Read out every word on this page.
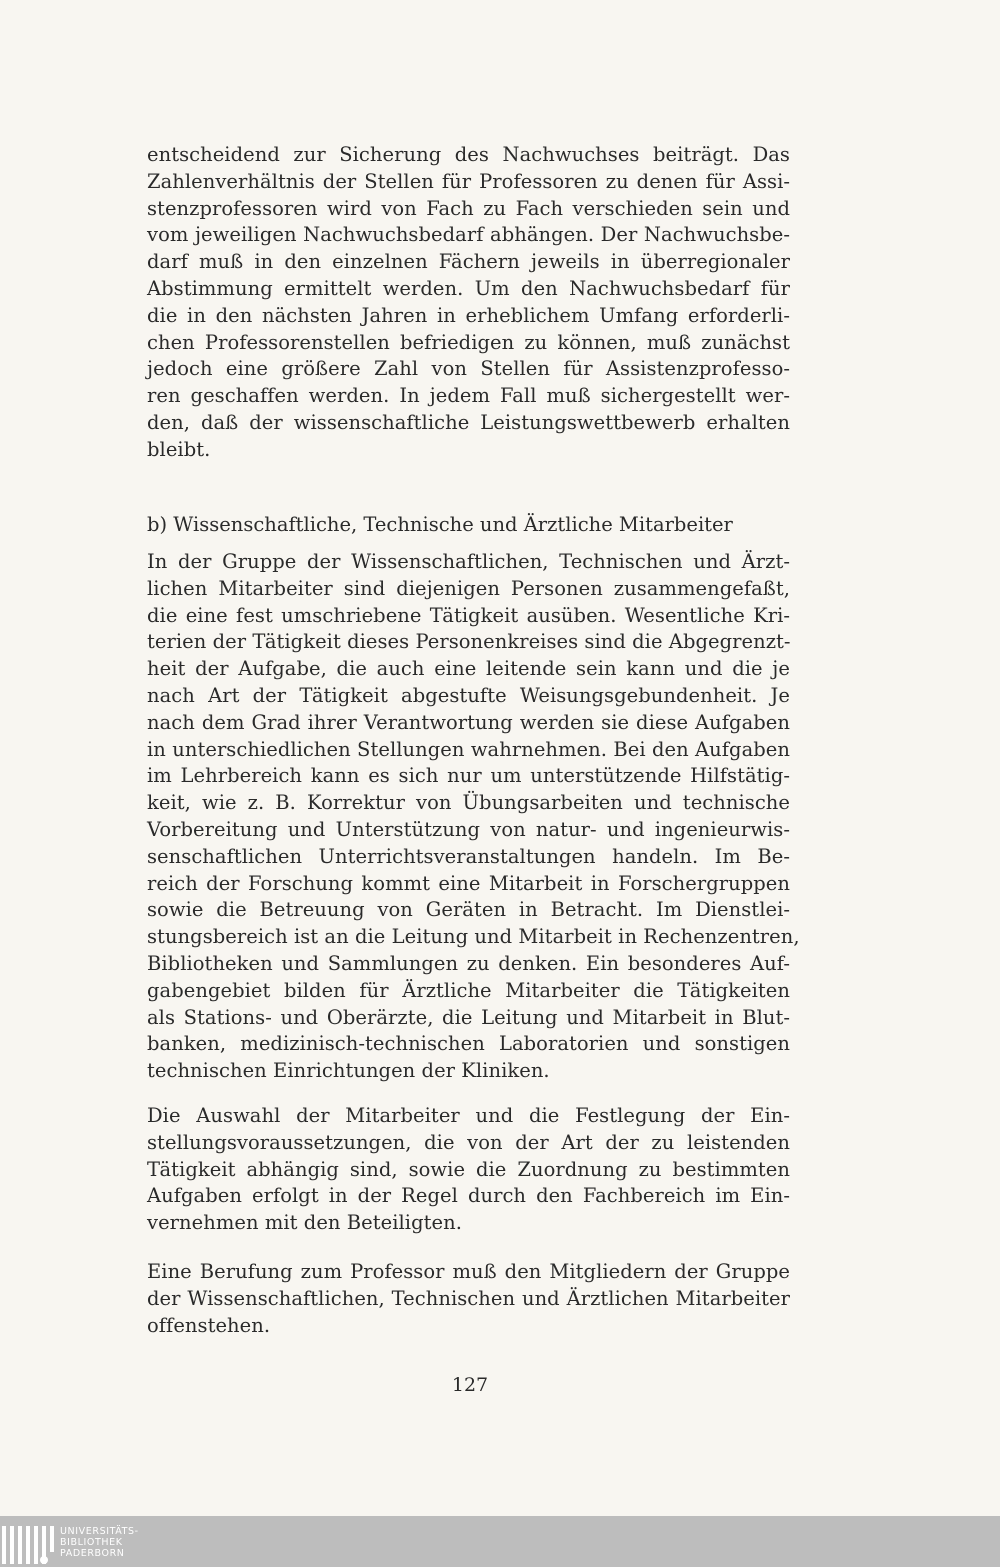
entscheidend zur Sicherung des Nachwuchses beiträgt. Das
Zahlenverhältnis der Stellen für Professoren zu denen für Assi-
stenzprofessoren wird von Fach zu Fach verschieden sein und
vom jeweiligen Nachwuchsbedarf abhängen. Der Nachwuchsbe-
darf muß in den einzelnen Fächern jeweils in überregionaler
Abstimmung ermittelt werden. Um den Nachwuchsbedarf für
die in den nächsten Jahren in erheblichem Umfang erforderli-
chen Professorenstellen befriedigen zu können, muß zunächst
jedoch eine größere Zahl von Stellen für Assistenzprofesso-
ren geschaffen werden. In jedem Fall muß sichergestellt wer-
den, daß der wissenschaftliche Leistungswettbewerb erhalten
bleibt.
b) Wissenschaftliche, Technische und Ärztliche Mitarbeiter
In der Gruppe der Wissenschaftlichen, Technischen und Ärzt-
lichen Mitarbeiter sind diejenigen Personen zusammengefaßt,
die eine fest umschriebene Tätigkeit ausüben. Wesentliche Kri-
terien der Tätigkeit dieses Personenkreises sind die Abgegrenzt-
heit der Aufgabe, die auch eine leitende sein kann und die je
nach Art der Tätigkeit abgestufte Weisungsgebundenheit. Je
nach dem Grad ihrer Verantwortung werden sie diese Aufgaben
in unterschiedlichen Stellungen wahrnehmen. Bei den Aufgaben
im Lehrbereich kann es sich nur um unterstützende Hilfstätig-
keit, wie z. B. Korrektur von Übungsarbeiten und technische
Vorbereitung und Unterstützung von natur- und ingenieurwis-
senschaftlichen Unterrichtsveranstaltungen handeln. Im Be-
reich der Forschung kommt eine Mitarbeit in Forschergruppen
sowie die Betreuung von Geräten in Betracht. Im Dienstlei-
stungsbereich ist an die Leitung und Mitarbeit in Rechenzentren,
Bibliotheken und Sammlungen zu denken. Ein besonderes Auf-
gabengebiet bilden für Ärztliche Mitarbeiter die Tätigkeiten
als Stations- und Oberärzte, die Leitung und Mitarbeit in Blut-
banken, medizinisch-technischen Laboratorien und sonstigen
technischen Einrichtungen der Kliniken.
Die Auswahl der Mitarbeiter und die Festlegung der Ein-
stellungsvoraussetzungen, die von der Art der zu leistenden
Tätigkeit abhängig sind, sowie die Zuordnung zu bestimmten
Aufgaben erfolgt in der Regel durch den Fachbereich im Ein-
vernehmen mit den Beteiligten.
Eine Berufung zum Professor muß den Mitgliedern der Gruppe
der Wissenschaftlichen, Technischen und Ärztlichen Mitarbeiter
offenstehen.
127
UNIVERSITÄTS-
BIBLIOTHEK
PADERBORN
